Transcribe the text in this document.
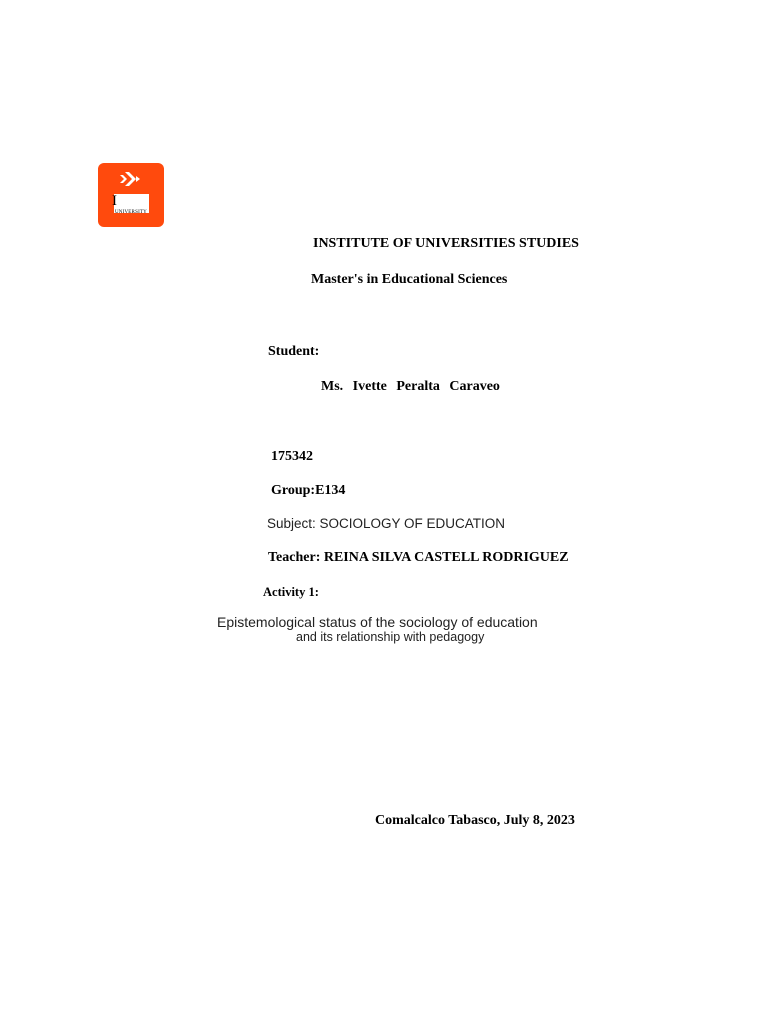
I
UNIVERSITY
INSTITUTE OF UNIVERSITIES STUDIES
Master's in Educational Sciences
Student:
Ms. Ivette Peralta Caraveo
175342
Group:E134
Subject: SOCIOLOGY OF EDUCATION
Teacher: REINA SILVA CASTELL RODRIGUEZ
Activity 1:
Epistemological status of the sociology of education
and its relationship with pedagogy
Comalcalco Tabasco, July 8, 2023
